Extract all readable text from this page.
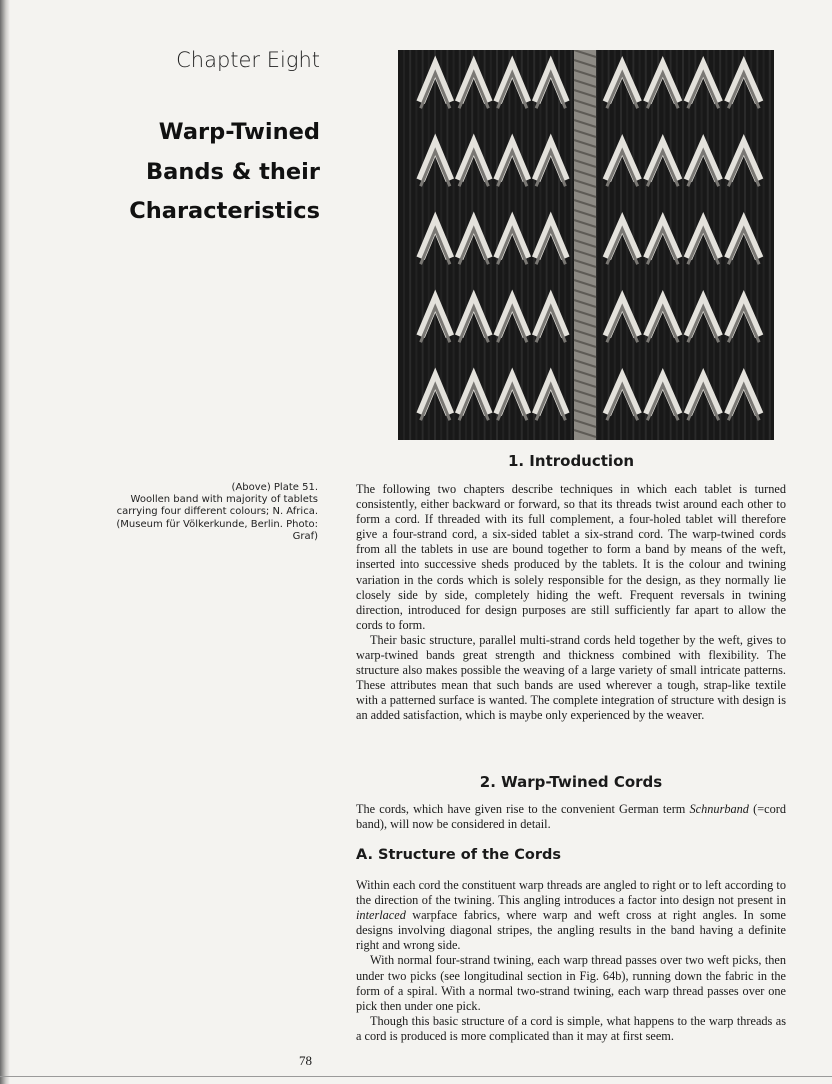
Chapter Eight
Warp-Twined
Bands & their
Characteristics
(Above) Plate 51.
Woollen band with majority of tablets
carrying four different colours; N. Africa.
(Museum für Völkerkunde, Berlin. Photo:
Graf)
1. Introduction

The following two chapters describe techniques in which each tablet is turned consistently, either backward or forward, so that its threads twist around each other to form a cord. If threaded with its full complement, a four-holed tablet will therefore give a four-strand cord, a six-sided tablet a six-strand cord. The warp-twined cords from all the tablets in use are bound together to form a band by means of the weft, inserted into successive sheds produced by the tablets. It is the colour and twining variation in the cords which is solely responsible for the design, as they normally lie closely side by side, completely hiding the weft. Frequent reversals in twining direction, introduced for design purposes are still sufficiently far apart to allow the cords to form.

Their basic structure, parallel multi-strand cords held together by the weft, gives to warp-twined bands great strength and thickness combined with flexibility. The structure also makes possible the weaving of a large variety of small intricate patterns. These attributes mean that such bands are used wherever a tough, strap-like textile with a patterned surface is wanted. The complete integration of structure with design is an added satisfaction, which is maybe only experienced by the weaver.

2. Warp-Twined Cords

The cords, which have given rise to the convenient German term Schnurband (=cord band), will now be considered in detail.

A. Structure of the Cords

Within each cord the constituent warp threads are angled to right or to left according to the direction of the twining. This angling introduces a factor into design not present in interlaced warpface fabrics, where warp and weft cross at right angles. In some designs involving diagonal stripes, the angling results in the band having a definite right and wrong side.

With normal four-strand twining, each warp thread passes over two weft picks, then under two picks (see longitudinal section in Fig. 64b), running down the fabric in the form of a spiral. With a normal two-strand twining, each warp thread passes over one pick then under one pick.

Though this basic structure of a cord is simple, what happens to the warp threads as a cord is produced is more complicated than it may at first seem.

78
